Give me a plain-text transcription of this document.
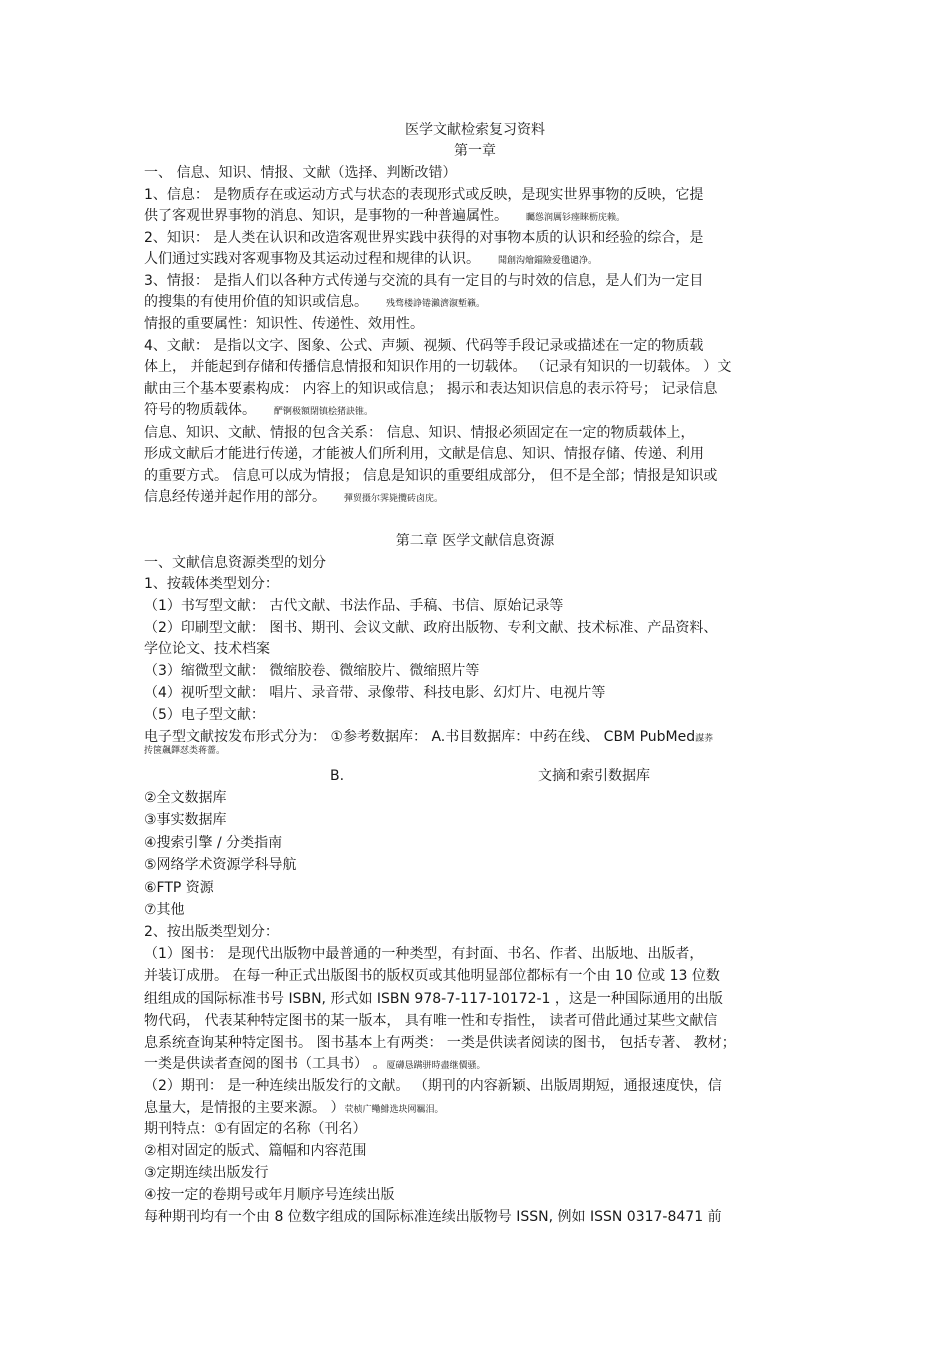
医学文献检索复习资料
第一章
一、 信息、知识、情报、文献（选择、判断改错）
1、信息： 是物质存在或运动方式与状态的表现形式或反映，是现实世界事物的反映，它提
供了客观世界事物的消息、知识，是事物的一种普遍属性。 矚慫润厲钐瘗睞枥庑赖。
2、知识： 是人类在认识和改造客观世界实践中获得的对事物本质的认识和经验的综合，是
人们通过实践对客观事物及其运动过程和规律的认识。 聞創沟燴鐺險爱氇谴净。
3、情报： 是指人们以各种方式传递与交流的具有一定目的与时效的信息，是人们为一定目
的搜集的有使用价值的知识或信息。 残骛楼諍锩瀨濟溆塹籟。
情报的重要属性：知识性、传递性、效用性。
4、文献： 是指以文字、图象、公式、声频、视频、代码等手段记录或描述在一定的物质载
体上， 并能起到存储和传播信息情报和知识作用的一切载体。 （记录有知识的一切载体。 ）文
献由三个基本要素构成： 内容上的知识或信息； 揭示和表达知识信息的表示符号； 记录信息
符号的物质载体。 酽锕极額閉镇桧猪訣锥。
信息、知识、文献、情报的包含关系： 信息、知识、情报必须固定在一定的物质载体上，
形成文献后才能进行传递，才能被人们所利用，文献是信息、知识、情报存储、传递、利用
的重要方式。 信息可以成为情报； 信息是知识的重要组成部分， 但不是全部；情报是知识或
信息经传递并起作用的部分。 彈贸摄尔霁毙攬砖卤庑。
第二章 医学文献信息资源
一、文献信息资源类型的划分
1、按载体类型划分：
（1）书写型文献： 古代文献、书法作品、手稿、书信、原始记录等
（2）印刷型文献： 图书、期刊、会议文献、政府出版物、专利文献、技术标准、产品资料、
学位论文、技术档案
（3）缩微型文献： 微缩胶卷、微缩胶片、微缩照片等
（4）视听型文献： 唱片、录音带、录像带、科技电影、幻灯片、电视片等
（5）电子型文献：
电子型文献按发布形式分为： ①参考数据库： A.书目数据库：中药在线、 CBM PubMed謀荞
抟箧飆鐸怼类蒋薔。
B.	文摘和索引数据库
②全文数据库
③事实数据库
④搜索引擎 / 分类指南
⑤网络学术资源学科导航
⑥FTP 资源
⑦其他
2、按出版类型划分：
（1）图书： 是现代出版物中最普通的一种类型，有封面、书名、作者、出版地、出版者，
并装订成册。 在每一种正式出版图书的版权页或其他明显部位都标有一个由 10 位或 13 位数
组组成的国际标准书号 ISBN, 形式如 ISBN 978-7-117-10172-1 ，这是一种国际通用的出版
物代码， 代表某种特定图书的某一版本， 具有唯一性和专指性， 读者可借此通过某些文献信
息系统查询某种特定图书。 图书基本上有两类： 一类是供读者阅读的图书， 包括专著、 教材；
一类是供读者查阅的图书（工具书） 。厦礴恳蹒骈時盡继價骚。
（2）期刊： 是一种连续出版发行的文献。 （期刊的内容新颖、出版周期短，通报速度快，信
息量大，是情报的主要来源。 ）茕桢广鳓鯡选块网羈泪。
期刊特点：①有固定的名称（刊名）
②相对固定的版式、篇幅和内容范围
③定期连续出版发行
④按一定的卷期号或年月顺序号连续出版
每种期刊均有一个由 8 位数字组成的国际标准连续出版物号 ISSN, 例如 ISSN 0317-8471 前
